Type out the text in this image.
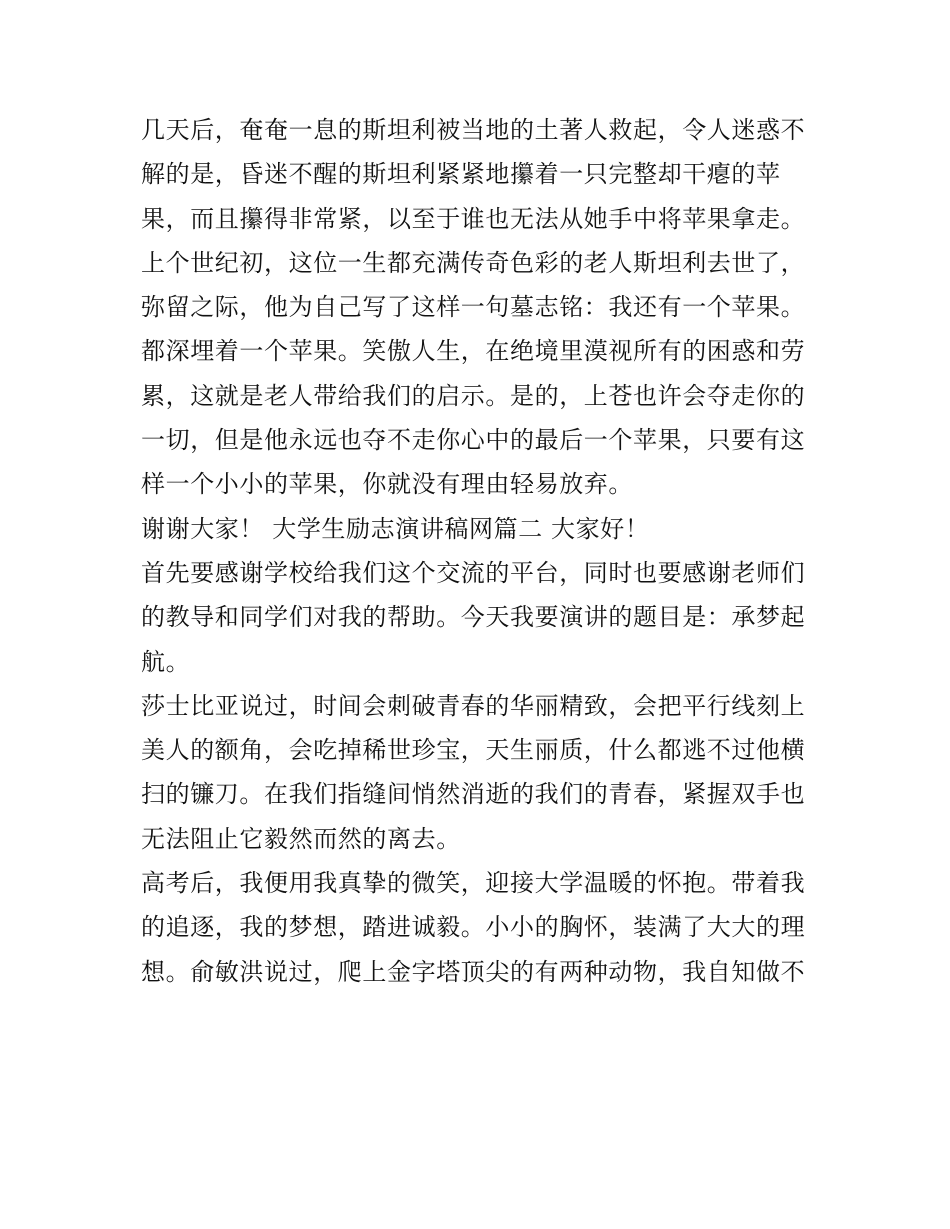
几天后，奄奄一息的斯坦利被当地的土著人救起，令人迷惑不
解的是，昏迷不醒的斯坦利紧紧地攥着一只完整却干瘪的苹
果，而且攥得非常紧，以至于谁也无法从她手中将苹果拿走。
上个世纪初，这位一生都充满传奇色彩的老人斯坦利去世了，
弥留之际，他为自己写了这样一句墓志铭：我还有一个苹果。
都深埋着一个苹果。笑傲人生，在绝境里漠视所有的困惑和劳
累，这就是老人带给我们的启示。是的，上苍也许会夺走你的
一切，但是他永远也夺不走你心中的最后一个苹果，只要有这
样一个小小的苹果，你就没有理由轻易放弃。
谢谢大家！ 大学生励志演讲稿网篇二 大家好！
首先要感谢学校给我们这个交流的平台，同时也要感谢老师们
的教导和同学们对我的帮助。今天我要演讲的题目是：承梦起
航。
莎士比亚说过，时间会刺破青春的华丽精致，会把平行线刻上
美人的额角，会吃掉稀世珍宝，天生丽质，什么都逃不过他横
扫的镰刀。在我们指缝间悄然消逝的我们的青春，紧握双手也
无法阻止它毅然而然的离去。
高考后，我便用我真挚的微笑，迎接大学温暖的怀抱。带着我
的追逐，我的梦想，踏进诚毅。小小的胸怀，装满了大大的理
想。俞敏洪说过，爬上金字塔顶尖的有两种动物，我自知做不
